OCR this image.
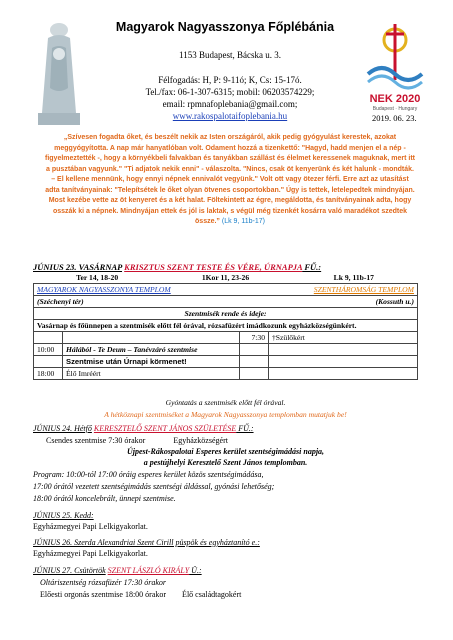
NEK 2020
Budapest · Hungary
Magyarok Nagyasszonya Főplébánia
1153 Budapest, Bácska u. 3.
Félfogadás: H, P: 9-11ó; K, Cs: 15-17ó.
Tel./fax: 06-1-307-6315; mobil: 06203574229;
email: rpmnafoplebania@gmail.com;
www.rakospalotaifoplebania.hu	2019. 06. 23.
„Szívesen fogadta őket, és beszélt nekik az Isten országáról, akik pedig gyógyulást kerestek, azokat meggyógyította. A nap már hanyatlóban volt. Odament hozzá a tizenkettő: "Hagyd, hadd menjen el a nép - figyelmeztették -, hogy a környékbeli falvakban és tanyákban szállást és élelmet keressenek maguknak, mert itt a pusztában vagyunk." "Ti adjatok nekik enni" - válaszolta. "Nincs, csak öt kenyerünk és két halunk - mondták. – El kellene mennünk, hogy ennyi népnek ennivalót vegyünk." Volt ott vagy ötezer férfi. Erre azt az utasítást adta tanítványainak: "Telepítsétek le őket olyan ötvenes csoportokban." Úgy is tettek, letelepedtek mindnyájan. Most kezébe vette az öt kenyeret és a két halat. Föltekintett az égre, megáldotta, és tanítványainak adta, hogy osszák ki a népnek. Mindnyájan ettek és jól is laktak, s végül még tizenkét kosárra való maradékot szedtek össze.” (Lk 9, 11b-17)
JÚNIUS 23. VASÁRNAP KRISZTUS SZENT TESTE ÉS VÉRE, ÚRNAPJA FŰ.:
Ter 14, 18-20	1Kor 11, 23-26	Lk 9, 11b-17
MAGYAROK NAGYASSZONYA TEMPLOM		SZENTHÁROMSÁG TEMPLOM	
(Széchenyi tér)		(Kossuth u.)	
Szentmisék rende és ideje:			
Vasárnap és főünnepen a szentmisék előtt fél órával, rózsafüzért imádkozunk egyházközségünkért.			
		7:30	†Szülőkért
10:00	Hálából - Te Deum – Tanévzáró szentmise		
	Szentmise után Úrnapi körmenet!		
18:00	Élő Imréért		
Gyóntatás a szentmisék előtt fél órával.
A hétköznapi szentmiséket a Magyarok Nagyasszonya templomban mutatjuk be!
JÚNIUS 24. Hétfő KERESZTELŐ SZENT JÁNOS SZÜLETÉSE FŰ.:
Csendes szentmise 7:30 órakor              Egyházközségért
Újpest-Rákospalotai Esperes kerület szentségimádási napja,
a pestújhelyi Keresztelő Szent János templomban.
Program: 10:00-tól 17:00 óráig esperes kerület közös szentségimádása,
17:00 órától vezetett szentségimádás szentségi áldással, gyónási lehetőség;
18:00 órától koncelebrált, ünnepi szentmise.
JÚNIUS 25. Kedd:
Egyházmegyei Papi Lelkigyakorlat.
JÚNIUS 26. Szerda Alexandriai Szent Cirill püspök és egyháztanító e.:
Egyházmegyei Papi Lelkigyakorlat.
JÚNIUS 27. Csütörtök SZENT LÁSZLÓ KIRÁLY Ü.:
Oltáriszentség rózsafüzér 17:30 órakor
Előesti orgonás szentmise 18:00 órakor        Élő családtagokért
